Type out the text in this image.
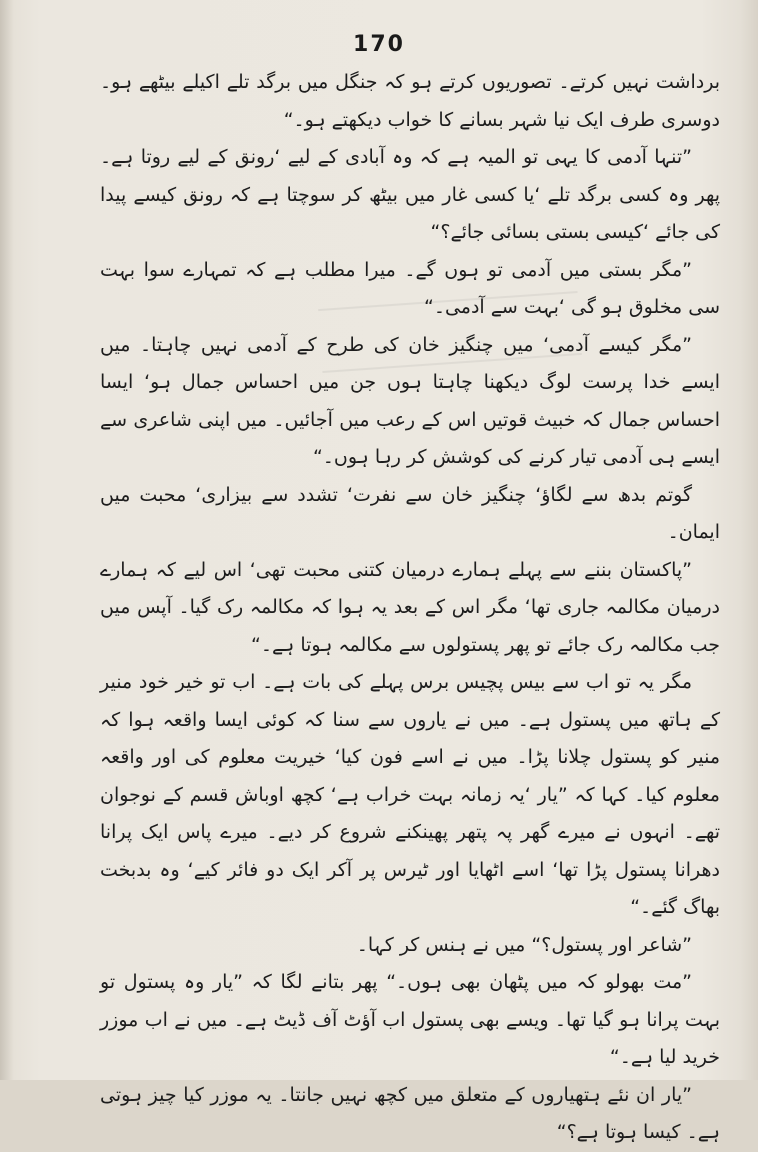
170

برداشت نہیں کرتے۔ تصوریوں کرتے ہو کہ جنگل میں برگد تلے اکیلے بیٹھے ہو۔ دوسری طرف ایک نیا شہر بسانے کا خواب دیکھتے ہو۔“

”تنہا آدمی کا یہی تو المیہ ہے کہ وہ آبادی کے لیے ‘رونق کے لیے روتا ہے۔ پھر وہ کسی برگد تلے ‘یا کسی غار میں بیٹھ کر سوچتا ہے کہ رونق کیسے پیدا کی جائے ‘کیسی بستی بسائی جائے؟“

”مگر بستی میں آدمی تو ہوں گے۔ میرا مطلب ہے کہ تمہارے سوا بہت سی مخلوق ہو گی ‘بہت سے آدمی۔“

”مگر کیسے آدمی‘ میں چنگیز خان کی طرح کے آدمی نہیں چاہتا۔ میں ایسے خدا پرست لوگ دیکھنا چاہتا ہوں جن میں احساس جمال ہو‘ ایسا احساس جمال کہ خبیث قوتیں اس کے رعب میں آجائیں۔ میں اپنی شاعری سے ایسے ہی آدمی تیار کرنے کی کوشش کر رہا ہوں۔“

گوتم بدھ سے لگاؤ‘ چنگیز خان سے نفرت‘ تشدد سے بیزاری‘ محبت میں ایمان۔

”پاکستان بننے سے پہلے ہمارے درمیان کتنی محبت تھی‘ اس لیے کہ ہمارے درمیان مکالمہ جاری تھا‘ مگر اس کے بعد یہ ہوا کہ مکالمہ رک گیا۔ آپس میں جب مکالمہ رک جائے تو پھر پستولوں سے مکالمہ ہوتا ہے۔“

مگر یہ تو اب سے بیس پچیس برس پہلے کی بات ہے۔ اب تو خیر خود منیر کے ہاتھ میں پستول ہے۔ میں نے یاروں سے سنا کہ کوئی ایسا واقعہ ہوا کہ منیر کو پستول چلانا پڑا۔ میں نے اسے فون کیا‘ خیریت معلوم کی اور واقعہ معلوم کیا۔ کہا کہ ”یار ‘یہ زمانہ بہت خراب ہے‘ کچھ اوباش قسم کے نوجوان تھے۔ انہوں نے میرے گھر پہ پتھر پھینکنے شروع کر دیے۔ میرے پاس ایک پرانا دھرانا پستول پڑا تھا‘ اسے اٹھایا اور ٹیرس پر آکر ایک دو فائر کیے‘ وہ بدبخت بھاگ گئے۔“

”شاعر اور پستول؟“ میں نے ہنس کر کہا۔

”مت بھولو کہ میں پٹھان بھی ہوں۔“ پھر بتانے لگا کہ ”یار وہ پستول تو بہت پرانا ہو گیا تھا۔ ویسے بھی پستول اب آؤٹ آف ڈیٹ ہے۔ میں نے اب موزر خرید لیا ہے۔“

”یار ان نئے ہتھیاروں کے متعلق میں کچھ نہیں جانتا۔ یہ موزر کیا چیز ہوتی ہے۔ کیسا ہوتا ہے؟“
